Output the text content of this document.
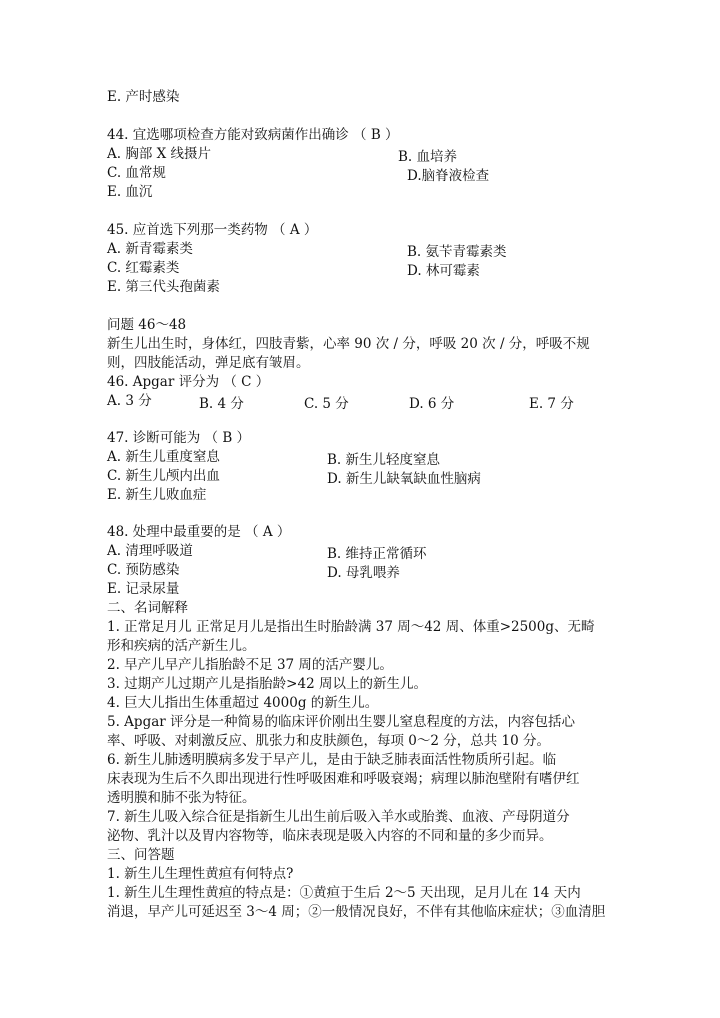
E. 产时感染
44. 宜选哪项检查方能对致病菌作出确诊 （ B ）
A. 胸部 X 线摄片	B. 血培养
C. 血常规	D.脑脊液检查
E. 血沉
45. 应首选下列那一类药物 （ A ）
A. 新青霉素类	B. 氨苄青霉素类
C. 红霉素类	D. 林可霉素
E. 第三代头孢菌素
问题 46～48
新生儿出生时，身体红，四肢青紫，心率 90 次 / 分，呼吸 20 次 / 分，呼吸不规
则，四肢能活动，弹足底有皱眉。
46. Apgar 评分为 （ C ）
A. 3 分	B. 4 分	C. 5 分	D. 6 分	E. 7 分
47. 诊断可能为 （ B ）
A. 新生儿重度窒息	B. 新生儿轻度窒息
C. 新生儿颅内出血	D. 新生儿缺氧缺血性脑病
E. 新生儿败血症
48. 处理中最重要的是 （ A ）
A. 清理呼吸道	B. 维持正常循环
C. 预防感染	D. 母乳喂养
E. 记录尿量
二、名词解释
1. 正常足月儿 正常足月儿是指出生时胎龄满 37 周～42 周、体重>2500g、无畸
形和疾病的活产新生儿。
2. 早产儿早产儿指胎龄不足 37 周的活产婴儿。
3. 过期产儿过期产儿是指胎龄>42 周以上的新生儿。
4. 巨大儿指出生体重超过 4000g 的新生儿。
5. Apgar 评分是一种简易的临床评价刚出生婴儿窒息程度的方法，内容包括心
率、呼吸、对刺激反应、肌张力和皮肤颜色，每项 0～2 分，总共 10 分。
6. 新生儿肺透明膜病多发于早产儿，是由于缺乏肺表面活性物质所引起。临
床表现为生后不久即出现进行性呼吸困难和呼吸衰竭；病理以肺泡壁附有嗜伊红
透明膜和肺不张为特征。
7. 新生儿吸入综合征是指新生儿出生前后吸入羊水或胎粪、血液、产母阴道分
泌物、乳汁以及胃内容物等，临床表现是吸入内容的不同和量的多少而异。
三、问答题
1. 新生儿生理性黄疸有何特点?
1. 新生儿生理性黄疸的特点是：①黄疸于生后 2～5 天出现，足月儿在 14 天内
消退，早产儿可延迟至 3～4 周；②一般情况良好，不伴有其他临床症状；③血清胆
